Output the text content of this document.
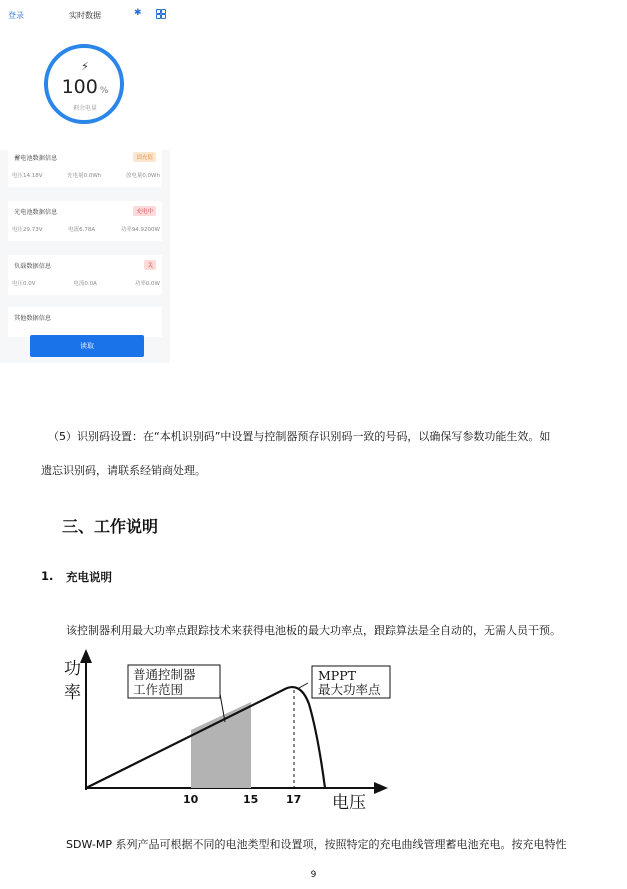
登录	实时数据	✱
⚡︎
100 %
剩余电量
蓄电池数据信息	固充值
电压14.18V	充电量0.0Wh	放电量0.0Wh
光电池数据信息	充电中
电压29.73V	电流6.78A	功率94.9200W
负载数据信息	关
电压0.0V	电流0.0A	功率0.0W
其他数据信息
读取
（5）识别码设置：在“本机识别码”中设置与控制器预存识别码一致的号码，以确保写参数功能生效。如
遗忘识别码，请联系经销商处理。
三、工作说明
1. 充电说明
该控制器利用最大功率点跟踪技术来获得电池板的最大功率点，跟踪算法是全自动的，无需人员干预。
功
电压
10	15	17
普通控制器
工作范围
MPPT
最大功率点
率
SDW-MP 系列产品可根据不同的电池类型和设置项，按照特定的充电曲线管理蓄电池充电。按充电特性
9
